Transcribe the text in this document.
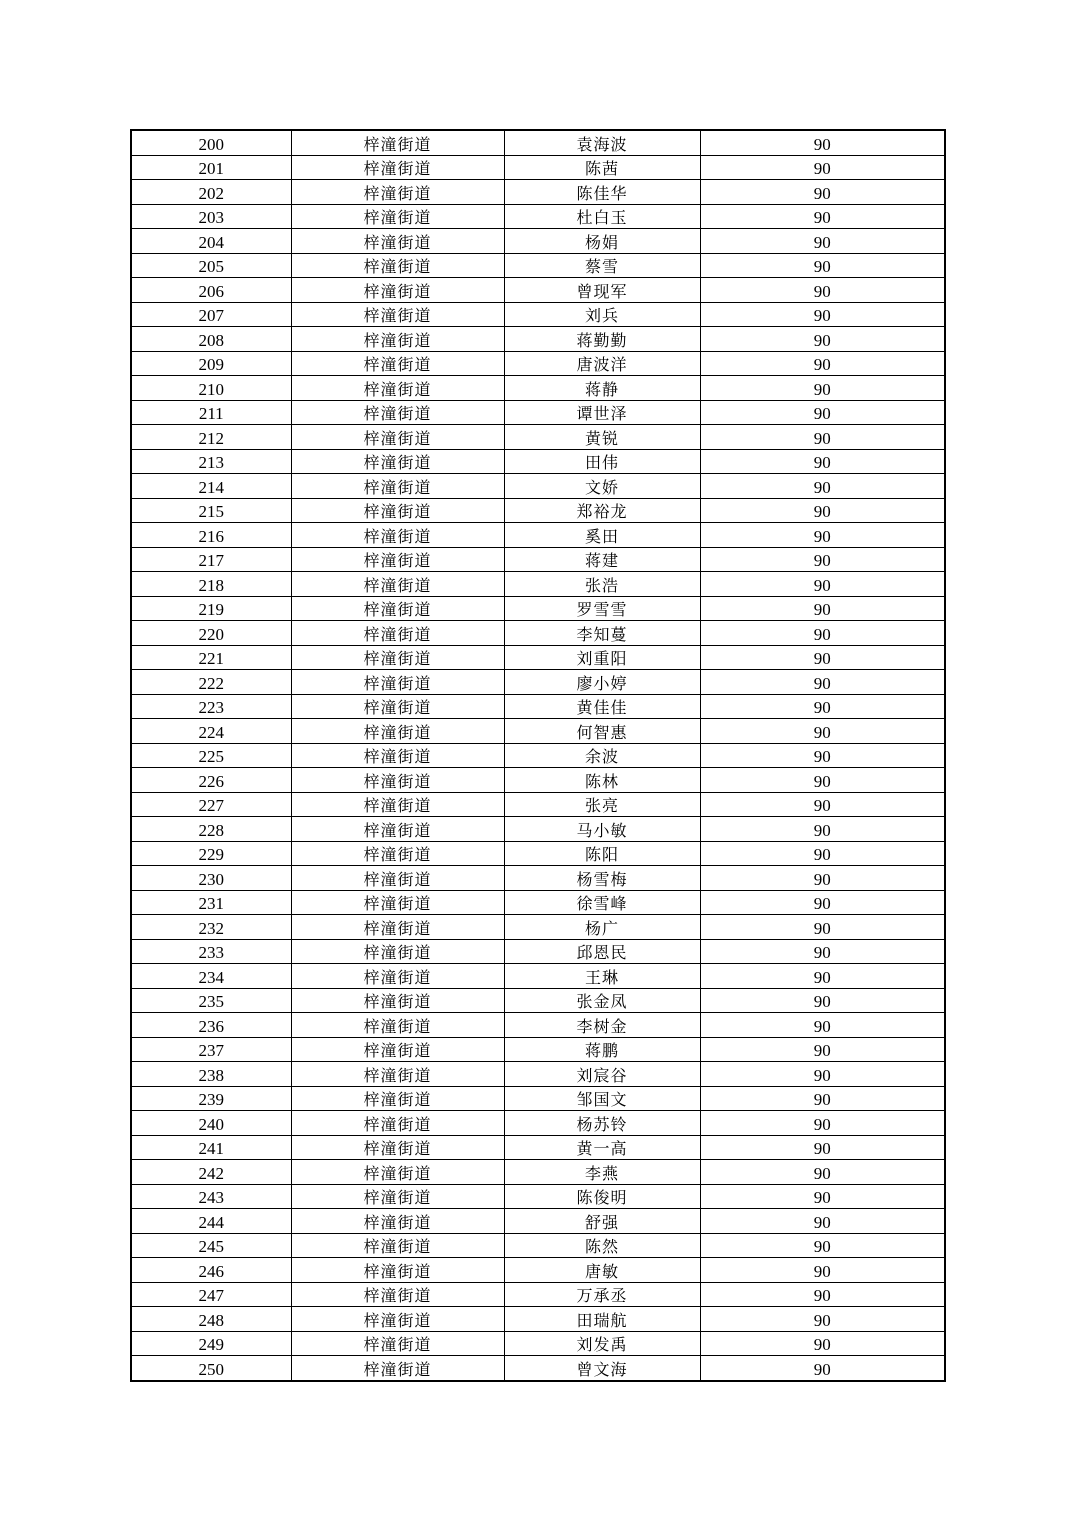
200	梓潼街道	袁海波	90
201	梓潼街道	陈茜	90
202	梓潼街道	陈佳华	90
203	梓潼街道	杜白玉	90
204	梓潼街道	杨娟	90
205	梓潼街道	蔡雪	90
206	梓潼街道	曾现军	90
207	梓潼街道	刘兵	90
208	梓潼街道	蒋勤勤	90
209	梓潼街道	唐波洋	90
210	梓潼街道	蒋静	90
211	梓潼街道	谭世泽	90
212	梓潼街道	黄锐	90
213	梓潼街道	田伟	90
214	梓潼街道	文娇	90
215	梓潼街道	郑裕龙	90
216	梓潼街道	奚田	90
217	梓潼街道	蒋建	90
218	梓潼街道	张浩	90
219	梓潼街道	罗雪雪	90
220	梓潼街道	李知蔓	90
221	梓潼街道	刘重阳	90
222	梓潼街道	廖小婷	90
223	梓潼街道	黄佳佳	90
224	梓潼街道	何智惠	90
225	梓潼街道	余波	90
226	梓潼街道	陈林	90
227	梓潼街道	张亮	90
228	梓潼街道	马小敏	90
229	梓潼街道	陈阳	90
230	梓潼街道	杨雪梅	90
231	梓潼街道	徐雪峰	90
232	梓潼街道	杨广	90
233	梓潼街道	邱恩民	90
234	梓潼街道	王琳	90
235	梓潼街道	张金凤	90
236	梓潼街道	李树金	90
237	梓潼街道	蒋鹏	90
238	梓潼街道	刘宸谷	90
239	梓潼街道	邹国文	90
240	梓潼街道	杨苏铃	90
241	梓潼街道	黄一高	90
242	梓潼街道	李燕	90
243	梓潼街道	陈俊明	90
244	梓潼街道	舒强	90
245	梓潼街道	陈然	90
246	梓潼街道	唐敏	90
247	梓潼街道	万承丞	90
248	梓潼街道	田瑞航	90
249	梓潼街道	刘发禹	90
250	梓潼街道	曾文海	90
